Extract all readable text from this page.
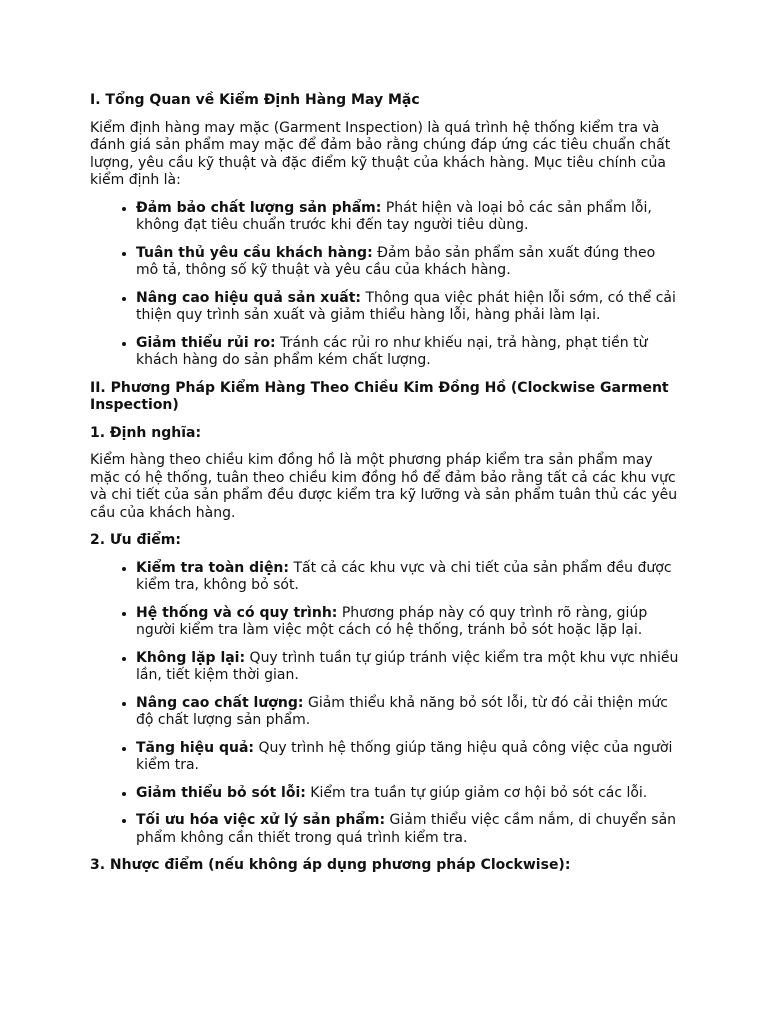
I. Tổng Quan về Kiểm Định Hàng May Mặc

Kiểm định hàng may mặc (Garment Inspection) là quá trình hệ thống kiểm tra và đánh giá sản phẩm may mặc để đảm bảo rằng chúng đáp ứng các tiêu chuẩn chất lượng, yêu cầu kỹ thuật và đặc điểm kỹ thuật của khách hàng. Mục tiêu chính của kiểm định là:

• Đảm bảo chất lượng sản phẩm: Phát hiện và loại bỏ các sản phẩm lỗi, không đạt tiêu chuẩn trước khi đến tay người tiêu dùng.
• Tuân thủ yêu cầu khách hàng: Đảm bảo sản phẩm sản xuất đúng theo mô tả, thông số kỹ thuật và yêu cầu của khách hàng.
• Nâng cao hiệu quả sản xuất: Thông qua việc phát hiện lỗi sớm, có thể cải thiện quy trình sản xuất và giảm thiểu hàng lỗi, hàng phải làm lại.
• Giảm thiểu rủi ro: Tránh các rủi ro như khiếu nại, trả hàng, phạt tiền từ khách hàng do sản phẩm kém chất lượng.
II. Phương Pháp Kiểm Hàng Theo Chiều Kim Đồng Hồ (Clockwise Garment Inspection)
1. Định nghĩa:

Kiểm hàng theo chiều kim đồng hồ là một phương pháp kiểm tra sản phẩm may mặc có hệ thống, tuân theo chiều kim đồng hồ để đảm bảo rằng tất cả các khu vực và chi tiết của sản phẩm đều được kiểm tra kỹ lưỡng và sản phẩm tuân thủ các yêu cầu của khách hàng.

2. Ưu điểm:
• Kiểm tra toàn diện: Tất cả các khu vực và chi tiết của sản phẩm đều được kiểm tra, không bỏ sót.
• Hệ thống và có quy trình: Phương pháp này có quy trình rõ ràng, giúp người kiểm tra làm việc một cách có hệ thống, tránh bỏ sót hoặc lặp lại.
• Không lặp lại: Quy trình tuần tự giúp tránh việc kiểm tra một khu vực nhiều lần, tiết kiệm thời gian.
• Nâng cao chất lượng: Giảm thiểu khả năng bỏ sót lỗi, từ đó cải thiện mức độ chất lượng sản phẩm.
• Tăng hiệu quả: Quy trình hệ thống giúp tăng hiệu quả công việc của người kiểm tra.
• Giảm thiểu bỏ sót lỗi: Kiểm tra tuần tự giúp giảm cơ hội bỏ sót các lỗi.
• Tối ưu hóa việc xử lý sản phẩm: Giảm thiểu việc cầm nắm, di chuyển sản phẩm không cần thiết trong quá trình kiểm tra.
3. Nhược điểm (nếu không áp dụng phương pháp Clockwise):
